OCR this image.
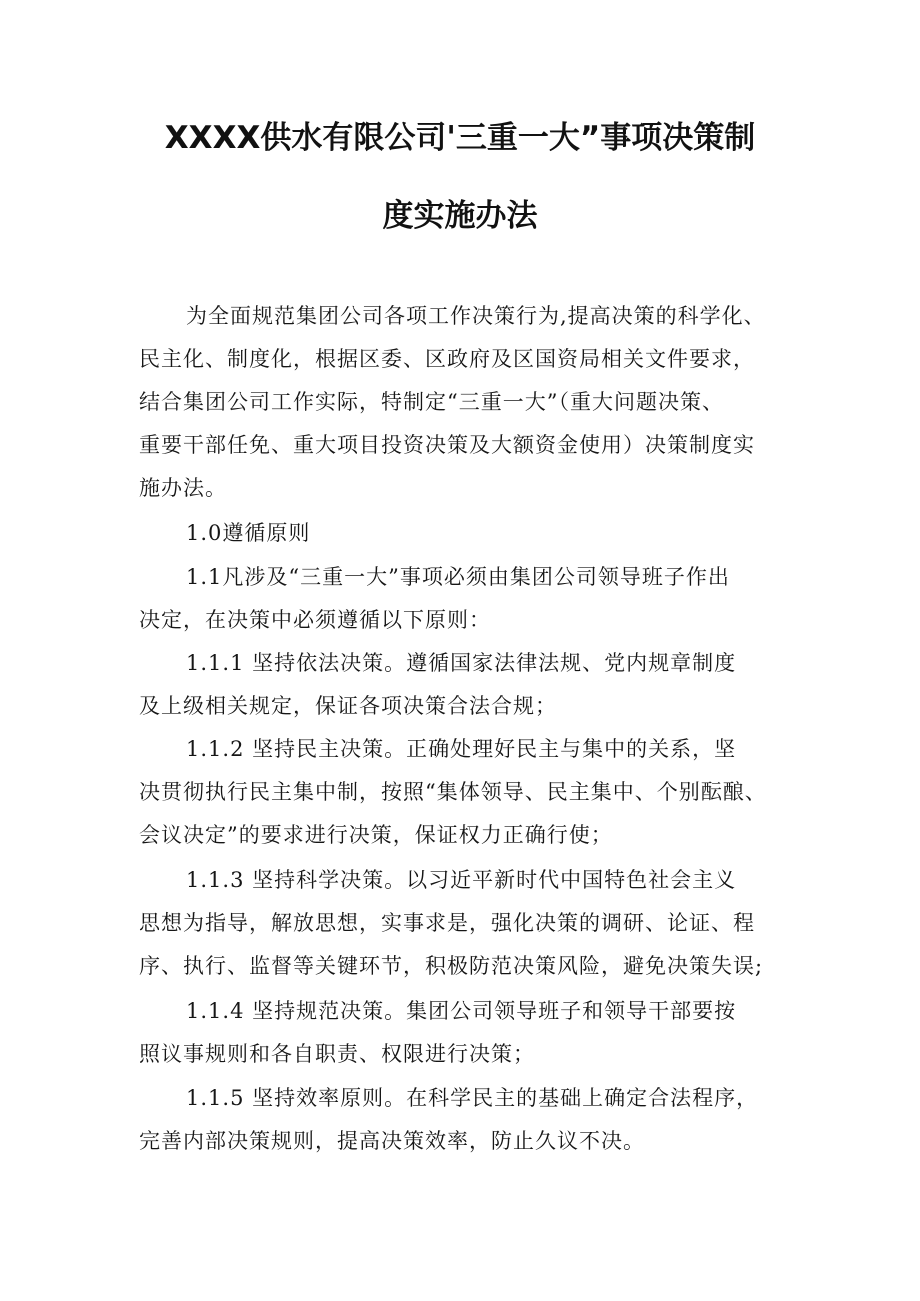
XXXX供水有限公司'三重一大”事项决策制
度实施办法

为全面规范集团公司各项工作决策行为,提高决策的科学化、

民主化、制度化，根据区委、区政府及区国资局相关文件要求，

结合集团公司工作实际，特制定“三重一大”（重大问题决策、

重要干部任免、重大项目投资决策及大额资金使用）决策制度实

施办法。

1.0遵循原则

1.1凡涉及“三重一大”事项必须由集团公司领导班子作出

决定，在决策中必须遵循以下原则：

1.1.1 坚持依法决策。遵循国家法律法规、党内规章制度

及上级相关规定，保证各项决策合法合规；

1.1.2 坚持民主决策。正确处理好民主与集中的关系，坚

决贯彻执行民主集中制，按照“集体领导、民主集中、个别酝酿、

会议决定”的要求进行决策，保证权力正确行使；

1.1.3 坚持科学决策。以习近平新时代中国特色社会主义

思想为指导，解放思想，实事求是，强化决策的调研、论证、程

序、执行、监督等关键环节，积极防范决策风险，避免决策失误;

1.1.4 坚持规范决策。集团公司领导班子和领导干部要按

照议事规则和各自职责、权限进行决策；

1.1.5 坚持效率原则。在科学民主的基础上确定合法程序，

完善内部决策规则，提高决策效率，防止久议不决。
